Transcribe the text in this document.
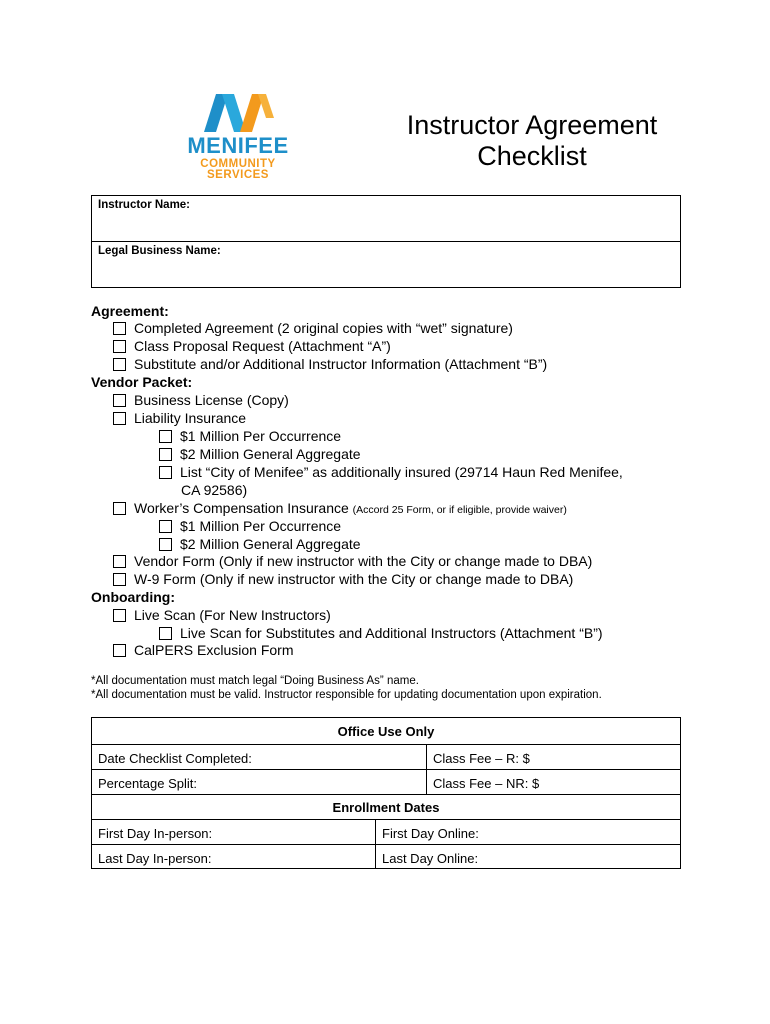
MENIFEE
COMMUNITY
SERVICES
Instructor Agreement
Checklist
Instructor Name:
Legal Business Name:
Agreement:
Completed Agreement (2 original copies with “wet” signature)
Class Proposal Request (Attachment “A”)
Substitute and/or Additional Instructor Information (Attachment “B”)
Vendor Packet:
Business License (Copy)
Liability Insurance
$1 Million Per Occurrence
$2 Million General Aggregate
List “City of Menifee” as additionally insured (29714 Haun Red Menifee,
CA 92586)
Worker’s Compensation Insurance (Accord 25 Form, or if eligible, provide waiver)
$1 Million Per Occurrence
$2 Million General Aggregate
Vendor Form (Only if new instructor with the City or change made to DBA)
W-9 Form (Only if new instructor with the City or change made to DBA)
Onboarding:
Live Scan (For New Instructors)
Live Scan for Substitutes and Additional Instructors (Attachment “B”)
CalPERS Exclusion Form
*All documentation must match legal “Doing Business As” name.
*All documentation must be valid. Instructor responsible for updating documentation upon expiration.
Office Use Only
Date Checklist Completed:	Class Fee – R: $
Percentage Split:	Class Fee – NR: $
Enrollment Dates
First Day In-person:	First Day Online:
Last Day In-person:	Last Day Online:
